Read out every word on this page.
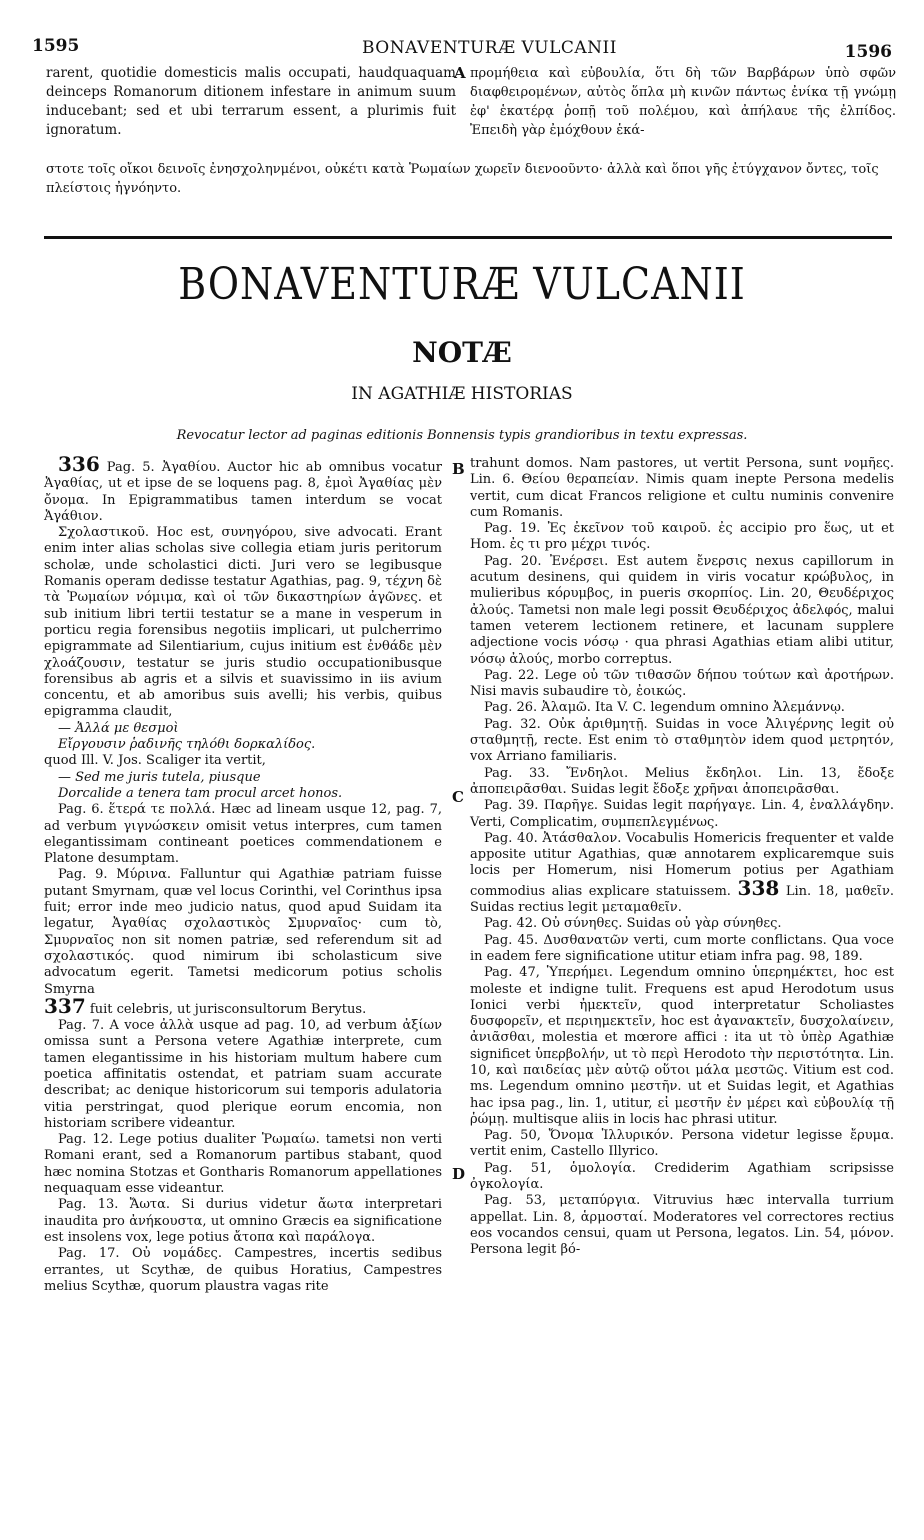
1595	BONAVENTURÆ VULCANII	1596
rarent, quotidie domesticis malis occupati, haudquaquam deinceps Romanorum ditionem infestare in animum suum inducebant; sed et ubi terrarum essent, a plurimis fuit ignoratum.
A προμήθεια καὶ εὐβουλία, ὅτι δὴ τῶν Βαρβάρων ὑπὸ σφῶν διαφθειρομένων, αὐτὸς ὅπλα μὴ κινῶν πάντως ἐνίκα τῇ γνώμῃ ἐφ' ἑκατέρᾳ ῥοπῇ τοῦ πολέμου, καὶ ἀπήλαυε τῆς ἐλπίδος. Ἐπειδὴ γὰρ ἐμόχθουν ἑκά-
στοτε τοῖς οἴκοι δεινοῖς ἐνησχοληνμένοι, οὐκέτι κατὰ Ῥωμαίων χωρεῖν διενοοῦντο· ἀλλὰ καὶ ὅποι γῆς ἐτύγχανον ὄντες, τοῖς πλείστοις ἠγνόηντο.
BONAVENTURÆ VULCANII
NOTÆ
IN AGATHIÆ HISTORIAS
Revocatur lector ad paginas editionis Bonnensis typis grandioribus in textu expressas.

336 Pag. 5. Ἀγαθίου. Auctor hic ab omnibus vocatur Ἀγαθίας, ut et ipse de se loquens pag. 8, ἐμοὶ Ἀγαθίας μὲν ὄνομα. In Epigrammatibus tamen interdum se vocat Ἀγάθιον.

Σχολαστικοῦ. Hoc est, συνηγόρου, sive advocati. Erant enim inter alias scholas sive collegia etiam juris peritorum scholæ, unde scholastici dicti. Juri vero se legibusque Romanis operam dedisse testatur Agathias, pag. 9, τέχνη δὲ τὰ Ῥωμαίων νόμιμα, καὶ οἱ τῶν δικαστηρίων ἀγῶνες. et sub initium libri tertii testatur se a mane in vesperum in porticu regia forensibus negotiis implicari, ut pulcherrimo epigrammate ad Silentiarium, cujus initium est ἐνθάδε μὲν χλοάζουσιν, testatur se juris studio occupationibusque forensibus ab agris et a silvis et suavissimo in iis avium concentu, et ab amoribus suis avelli; his verbis, quibus epigramma claudit,

— Ἀλλά με θεσμοὶ

Εἴργουσιν ῥαδινῆς τηλόθι δορκαλίδος.

quod Ill. V. Jos. Scaliger ita vertit,

— Sed me juris tutela, piusque

Dorcalide a tenera tam procul arcet honos.

Pag. 6. ἕτερά τε πολλά. Hæc ad lineam usque 12, pag. 7, ad verbum γιγνώσκειν omisit vetus interpres, cum tamen elegantissimam contineant poetices commendationem e Platone desumptam.

Pag. 9. Μύρινα. Falluntur qui Agathiæ patriam fuisse putant Smyrnam, quæ vel locus Corinthi, vel Corinthus ipsa fuit; error inde meo judicio natus, quod apud Suidam ita legatur, Ἀγαθίας σχολαστικὸς Σμυρναῖος· cum tò, Σμυρναῖος non sit nomen patriæ, sed referendum sit ad σχολαστικός. quod nimirum ibi scholasticum sive advocatum egerit. Tametsi medicorum potius scholis Smyrna

337 fuit celebris, ut jurisconsultorum Berytus.

Pag. 7. A voce ἀλλὰ usque ad pag. 10, ad verbum ἀξίων omissa sunt a Persona vetere Agathiæ interprete, cum tamen elegantissime in his historiam multum habere cum poetica affinitatis ostendat, et patriam suam accurate describat; ac denique historicorum sui temporis adulatoria vitia perstringat, quod plerique eorum encomia, non historiam scribere videantur.

Pag. 12. Lege potius dualiter Ῥωμαίω. tametsi non verti Romani erant, sed a Romanorum partibus stabant, quod hæc nomina Stotzas et Gontharis Romanorum appellationes nequaquam esse videantur.

Pag. 13. Ἄωτα. Si durius videtur ἄωτα interpretari inaudita pro ἀνήκουστα, ut omnino Græcis ea significatione est insolens vox, lege potius ἄτοπα καὶ παράλογα.

Pag. 17. Οὐ νομάδες. Campestres, incertis sedibus errantes, ut Scythæ, de quibus Horatius, Campestres melius Scythæ, quorum plaustra vagas rite

B
C
D

trahunt domos. Nam pastores, ut vertit Persona, sunt νομῆες. Lin. 6. Θείου θεραπείαν. Nimis quam inepte Persona medelis vertit, cum dicat Francos religione et cultu numinis convenire cum Romanis.

Pag. 19. Ἐς ἐκεῖνον τοῦ καιροῦ. ἐς accipio pro ἕως, ut et Hom. ἐς τι pro μέχρι τινός.

Pag. 20. Ἐνέρσει. Est autem ἔνερσις nexus capillorum in acutum desinens, qui quidem in viris vocatur κρώβυλος, in mulieribus κόρυμβος, in pueris σκορπίος. Lin. 20, Θευδέριχος ἀλούς. Tametsi non male legi possit Θευδέριχος ἀδελφός, malui tamen veterem lectionem retinere, et lacunam supplere adjectione vocis νόσῳ · qua phrasi Agathias etiam alibi utitur, νόσῳ ἀλούς, morbo correptus.

Pag. 22. Lege οὐ τῶν τιθασῶν δήπου τούτων καὶ ἀροτήρων. Nisi mavis subaudire τὸ, ἐοικώς.

Pag. 26. Ἀλαμῶ. Ita V. C. legendum omnino Ἀλεμάννῳ.

Pag. 32. Οὐκ ἀριθμητῇ. Suidas in voce Ἀλιγέρνης legit οὐ σταθμητῇ, recte. Est enim τὸ σταθμητὸν idem quod μετρητόν, vox Arriano familiaris.

Pag. 33. Ἔνδηλοι. Melius ἔκδηλοι. Lin. 13, ἔδοξε ἀποπειρᾶσθαι. Suidas legit ἔδοξε χρῆναι ἀποπειρᾶσθαι.

Pag. 39. Παρῆγε. Suidas legit παρήγαγε. Lin. 4, ἐναλλάγδην. Verti, Complicatim, συμπεπλεγμένως.

Pag. 40. Ἀτάσθαλον. Vocabulis Homericis frequenter et valde apposite utitur Agathias, quæ annotarem explicaremque suis locis per Homerum, nisi Homerum potius per Agathiam commodius alias explicare statuissem. 338 Lin. 18, μαθεῖν. Suidas rectius legit μεταμαθεῖν.

Pag. 42. Οὐ σύνηθες. Suidas οὐ γὰρ σύνηθες.

Pag. 45. Δυσθανατῶν verti, cum morte conflictans. Qua voce in eadem fere significatione utitur etiam infra pag. 98, 189.

Pag. 47, Ὑπερήμει. Legendum omnino ὑπερημέκτει, hoc est moleste et indigne tulit. Frequens est apud Herodotum usus Ionici verbi ἠμεκτεῖν, quod interpretatur Scholiastes δυσφορεῖν, et περιημεκτεῖν, hoc est ἀγανακτεῖν, δυσχολαίνειν, ἀνιᾶσθαι, molestia et mœrore affici : ita ut τὸ ὑπὲρ Agathiæ significet ὑπερβολήν, ut τὸ περὶ Herodoto τὴν περιστότητα. Lin. 10, καὶ παιδείας μὲν αὐτῷ οὕτοι μάλα μεστῶς. Vitium est cod. ms. Legendum omnino μεστῆν. ut et Suidas legit, et Agathias hac ipsa pag., lin. 1, utitur, εἰ μεστῆν ἐν μέρει καὶ εὐβουλίᾳ τῇ ῥώμῃ. multisque aliis in locis hac phrasi utitur.

Pag. 50, Ὄνομα Ἰλλυρικόν. Persona videtur legisse ἔρυμα. vertit enim, Castello Illyrico.

Pag. 51, ὁμολογία. Crediderim Agathiam scripsisse ὀγκολογία.

Pag. 53, μεταπύργια. Vitruvius hæc intervalla turrium appellat. Lin. 8, ἁρμοσταί. Moderatores vel correctores rectius eos vocandos censui, quam ut Persona, legatos. Lin. 54, μόνον. Persona legit βό-
